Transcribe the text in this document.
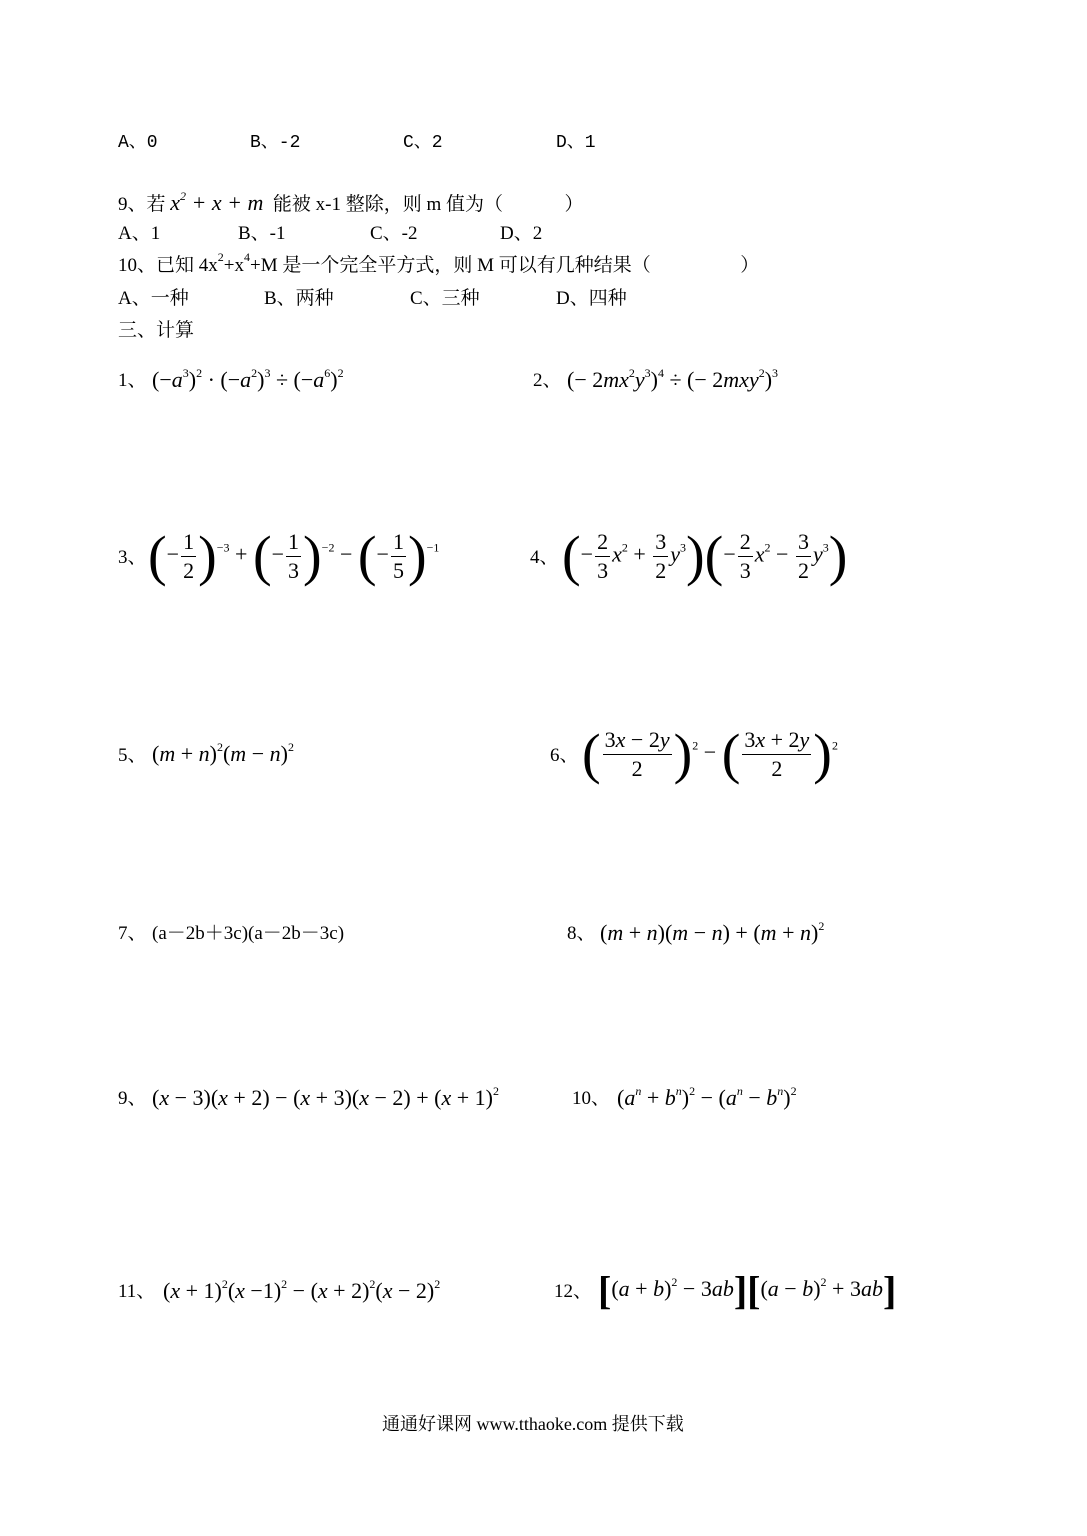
A、0	B、-2	C、2	D、1
9、若 $x^2 + x + m$ 能被 x-1 整除，则 m 值为（	）
A、1	B、-1	C、-2	D、2
10、已知 $4x^2+x^4+M$ 是一个完全平方式，则 M 可以有几种结果（	）
A、一种	B、两种	C、三种	D、四种
三、计算
1、 $(-a^3)^2 \cdot (-a^2)^3 \div (-a^6)^2$	2、 (− $2mx^2y^3)^4$ ÷ (− 2mxy$^2$)$^3$
3、 (− $\frac{1}{2} )^{-3}$ + (− $\frac{1}{3} )^{-2}$ − (− $\frac{1}{5} )^{-1}$	4、 (− $\frac{2}{3} x^2 + \frac{3}{2} y^3)(- \frac{2}{3} x^2 - \frac{3}{2} y^3)$
5、 $(m + n)^2(m - n)^2$	6、 ( $\frac{3x - 2y}{2} )^2$ − ( $\frac{3x + 2y}{2} )^2$
7、 (a－2b＋3c)(a－2b－3c)	8、 $(m + n)(m - n) + (m + n)^2$
9、 $(x - 3)(x + 2) - (x + 3)(x - 2) + (x + 1)^2$	10、 $(a^n + b^n)^2 - (a^n - b^n)^2$
11、 $(x + 1)^2(x -1)^2 - (x + 2)^2(x - 2)^2$	12、 $[(a + b)^2 - 3ab][(a - b)^2 + 3ab]$
通通好课网 www.tthaoke.com 提供下载
